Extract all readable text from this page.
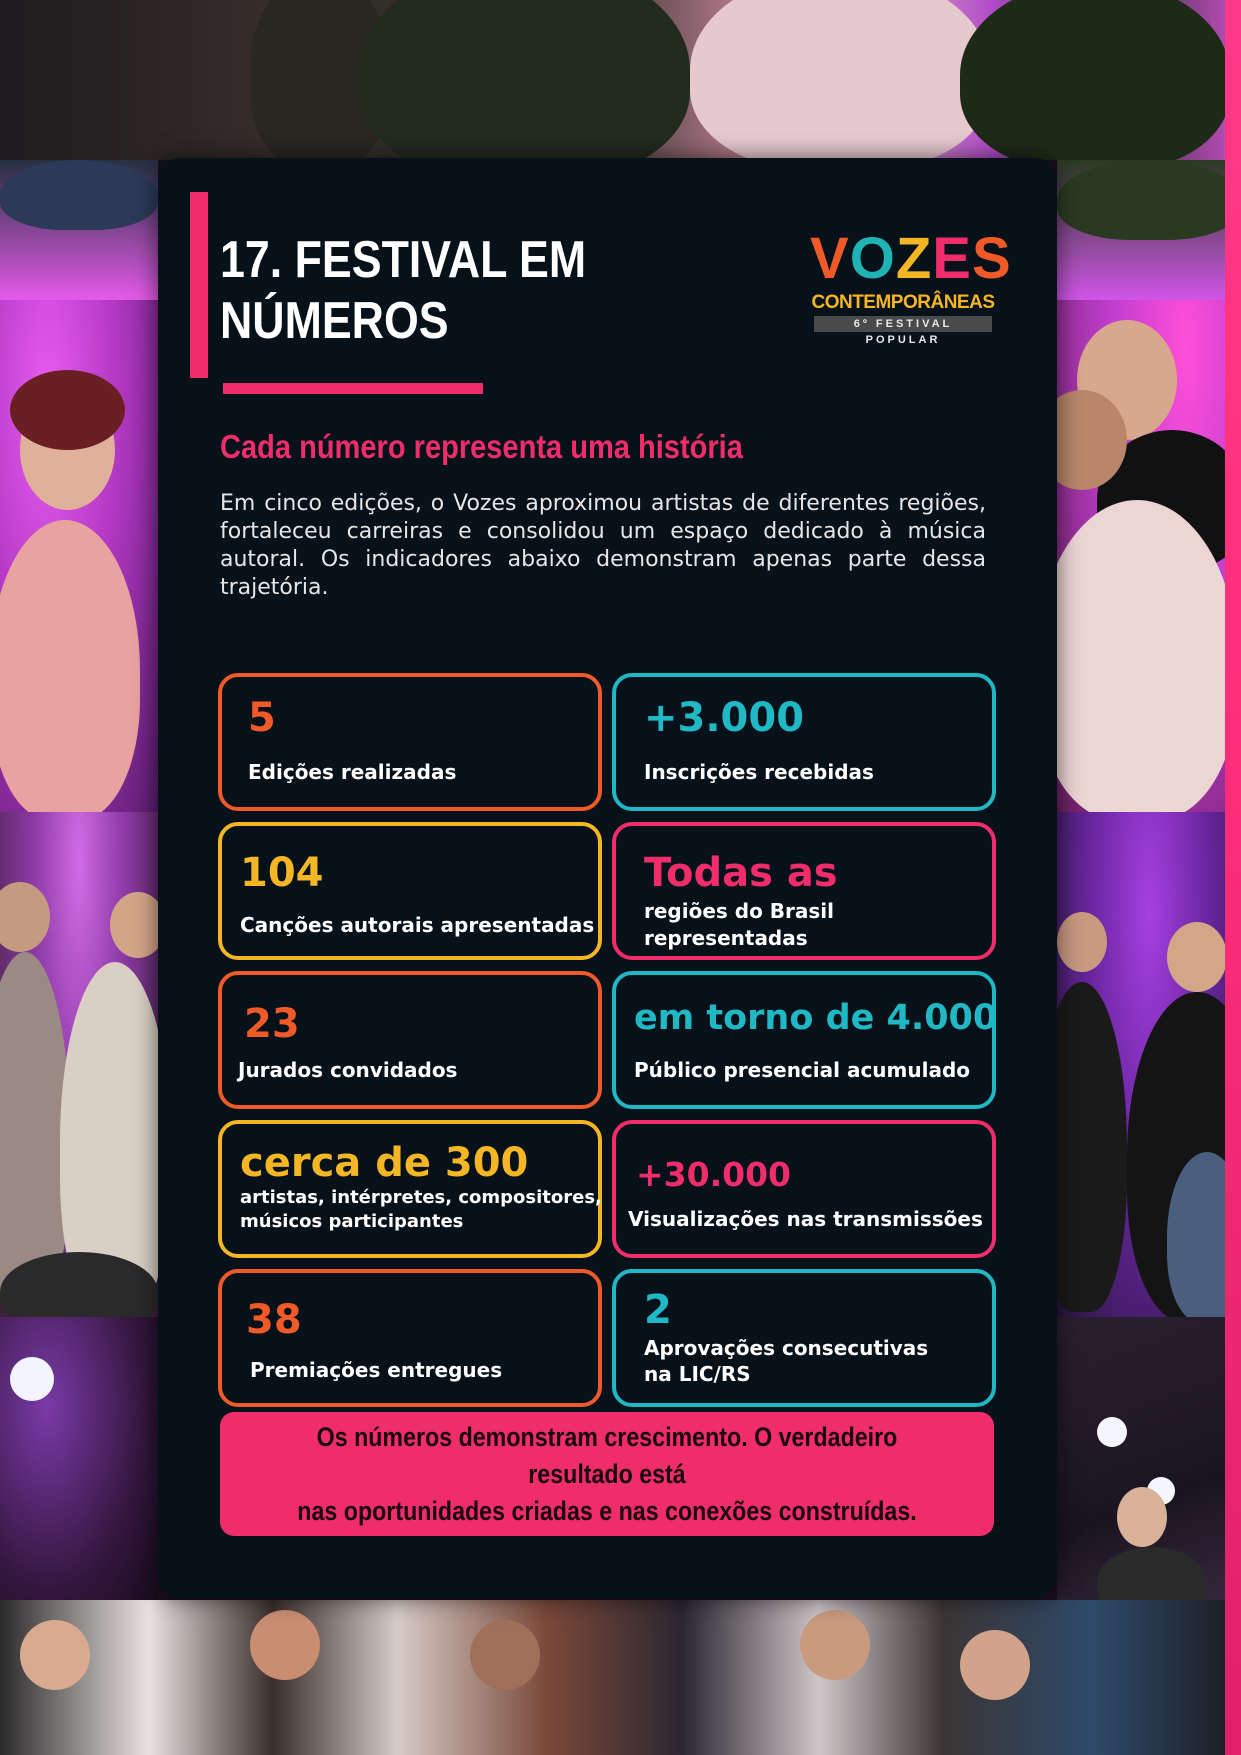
17. FESTIVAL EM
NÚMEROS
VOZES
CONTEMPORÂNEAS
6º FESTIVAL POPULAR
Cada número representa uma história

Em cinco edições, o Vozes aproximou artistas de diferentes regiões, fortaleceu carreiras e consolidou um espaço dedicado à música autoral. Os indicadores abaixo demonstram apenas parte dessa trajetória.

5
Edições realizadas
+3.000
Inscrições recebidas
104
Canções autorais apresentadas
Todas as
regiões do Brasil
representadas
23
Jurados convidados
em torno de 4.000
Público presencial acumulado
cerca de 300
artistas, intérpretes, compositores,
músicos participantes
+30.000
Visualizações nas transmissões
38
Premiações entregues
2
Aprovações consecutivas
na LIC/RS

Os números demonstram crescimento. O verdadeiro resultado está
nas oportunidades criadas e nas conexões construídas.
